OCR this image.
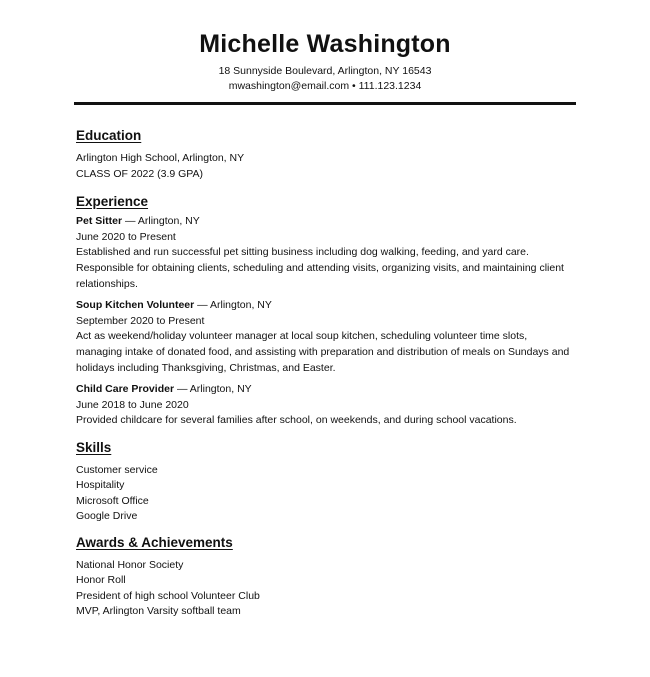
Michelle Washington
18 Sunnyside Boulevard, Arlington, NY 16543
mwashington@email.com • 111.123.1234
Education

Arlington High School, Arlington, NY

CLASS OF 2022 (3.9 GPA)

Experience

Pet Sitter — Arlington, NY

June 2020 to Present

Established and run successful pet sitting business including dog walking, feeding, and yard care. Responsible for obtaining clients, scheduling and attending visits, organizing visits, and maintaining client relationships.

Soup Kitchen Volunteer — Arlington, NY

September 2020 to Present

Act as weekend/holiday volunteer manager at local soup kitchen, scheduling volunteer time slots, managing intake of donated food, and assisting with preparation and distribution of meals on Sundays and holidays including Thanksgiving, Christmas, and Easter.

Child Care Provider — Arlington, NY

June 2018 to June 2020

Provided childcare for several families after school, on weekends, and during school vacations.

Skills
Customer service
Hospitality
Microsoft Office
Google Drive
Awards & Achievements
National Honor Society
Honor Roll
President of high school Volunteer Club
MVP, Arlington Varsity softball team
